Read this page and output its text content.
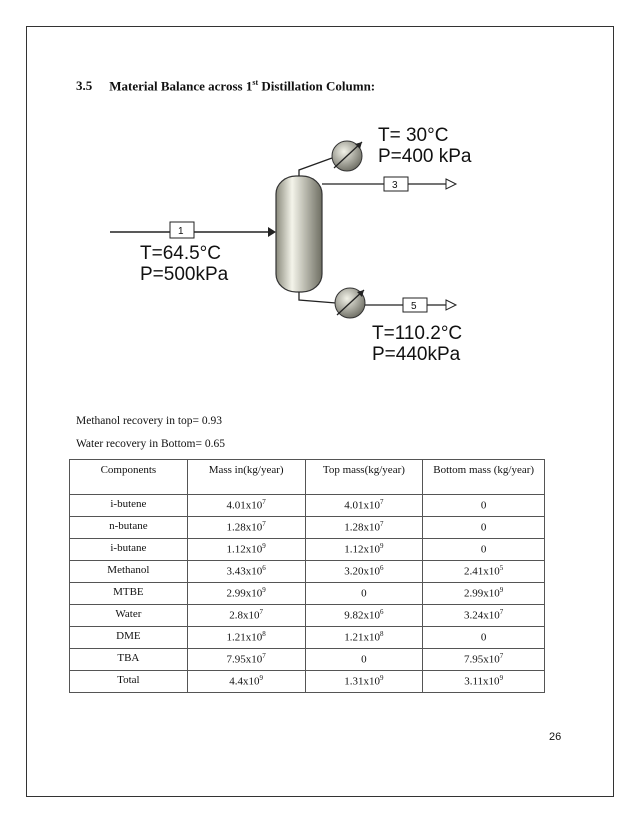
3.5 Material Balance across 1st Distillation Column:
1
3
5
T= 30°C
P=400 kPa
T=64.5°C
P=500kPa
T=110.2°C
P=440kPa
Methanol recovery in top= 0.93
Water recovery in Bottom= 0.65
Components	Mass in(kg/year)	Top mass(kg/year)	Bottom mass (kg/year)
i-butene	$4.01x10^7$	$4.01x10^7$	0
n-butane	$1.28x10^7$	$1.28x10^7$	0
i-butane	$1.12x10^9$	$1.12x10^9$	0
Methanol	$3.43x10^6$	$3.20x10^6$	$2.41x10^5$
MTBE	$2.99x10^9$	0	$2.99x10^9$
Water	$2.8x10^7$	$9.82x10^6$	$3.24x10^7$
DME	$1.21x10^8$	$1.21x10^8$	0
TBA	$7.95x10^7$	0	$7.95x10^7$
Total	$4.4x10^9$	$1.31x10^9$	$3.11x10^9$
26
